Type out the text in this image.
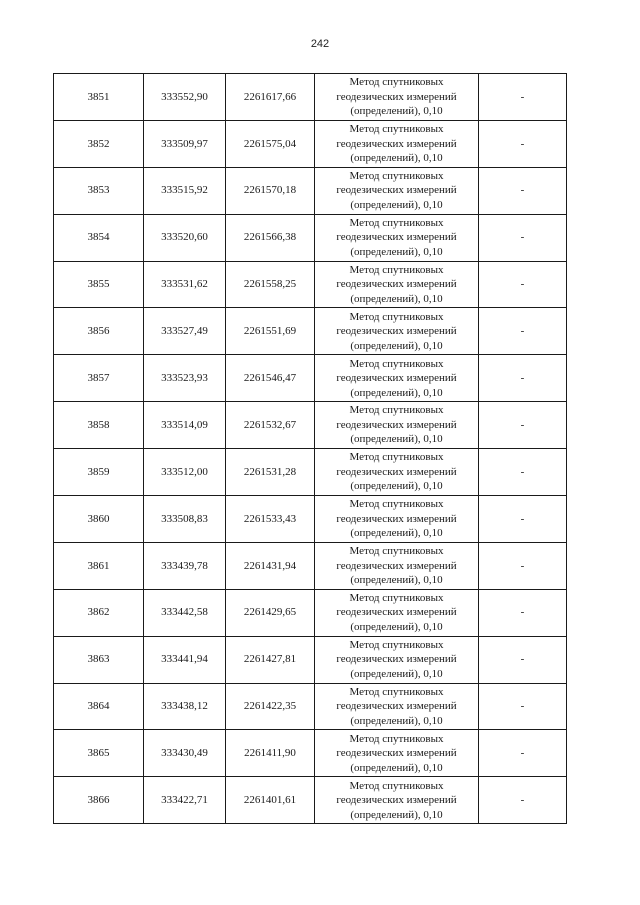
242
3851	333552,90	2261617,66	Метод спутниковых
геодезических измерений
(определений), 0,10	-
3852	333509,97	2261575,04	Метод спутниковых
геодезических измерений
(определений), 0,10	-
3853	333515,92	2261570,18	Метод спутниковых
геодезических измерений
(определений), 0,10	-
3854	333520,60	2261566,38	Метод спутниковых
геодезических измерений
(определений), 0,10	-
3855	333531,62	2261558,25	Метод спутниковых
геодезических измерений
(определений), 0,10	-
3856	333527,49	2261551,69	Метод спутниковых
геодезических измерений
(определений), 0,10	-
3857	333523,93	2261546,47	Метод спутниковых
геодезических измерений
(определений), 0,10	-
3858	333514,09	2261532,67	Метод спутниковых
геодезических измерений
(определений), 0,10	-
3859	333512,00	2261531,28	Метод спутниковых
геодезических измерений
(определений), 0,10	-
3860	333508,83	2261533,43	Метод спутниковых
геодезических измерений
(определений), 0,10	-
3861	333439,78	2261431,94	Метод спутниковых
геодезических измерений
(определений), 0,10	-
3862	333442,58	2261429,65	Метод спутниковых
геодезических измерений
(определений), 0,10	-
3863	333441,94	2261427,81	Метод спутниковых
геодезических измерений
(определений), 0,10	-
3864	333438,12	2261422,35	Метод спутниковых
геодезических измерений
(определений), 0,10	-
3865	333430,49	2261411,90	Метод спутниковых
геодезических измерений
(определений), 0,10	-
3866	333422,71	2261401,61	Метод спутниковых
геодезических измерений
(определений), 0,10	-
